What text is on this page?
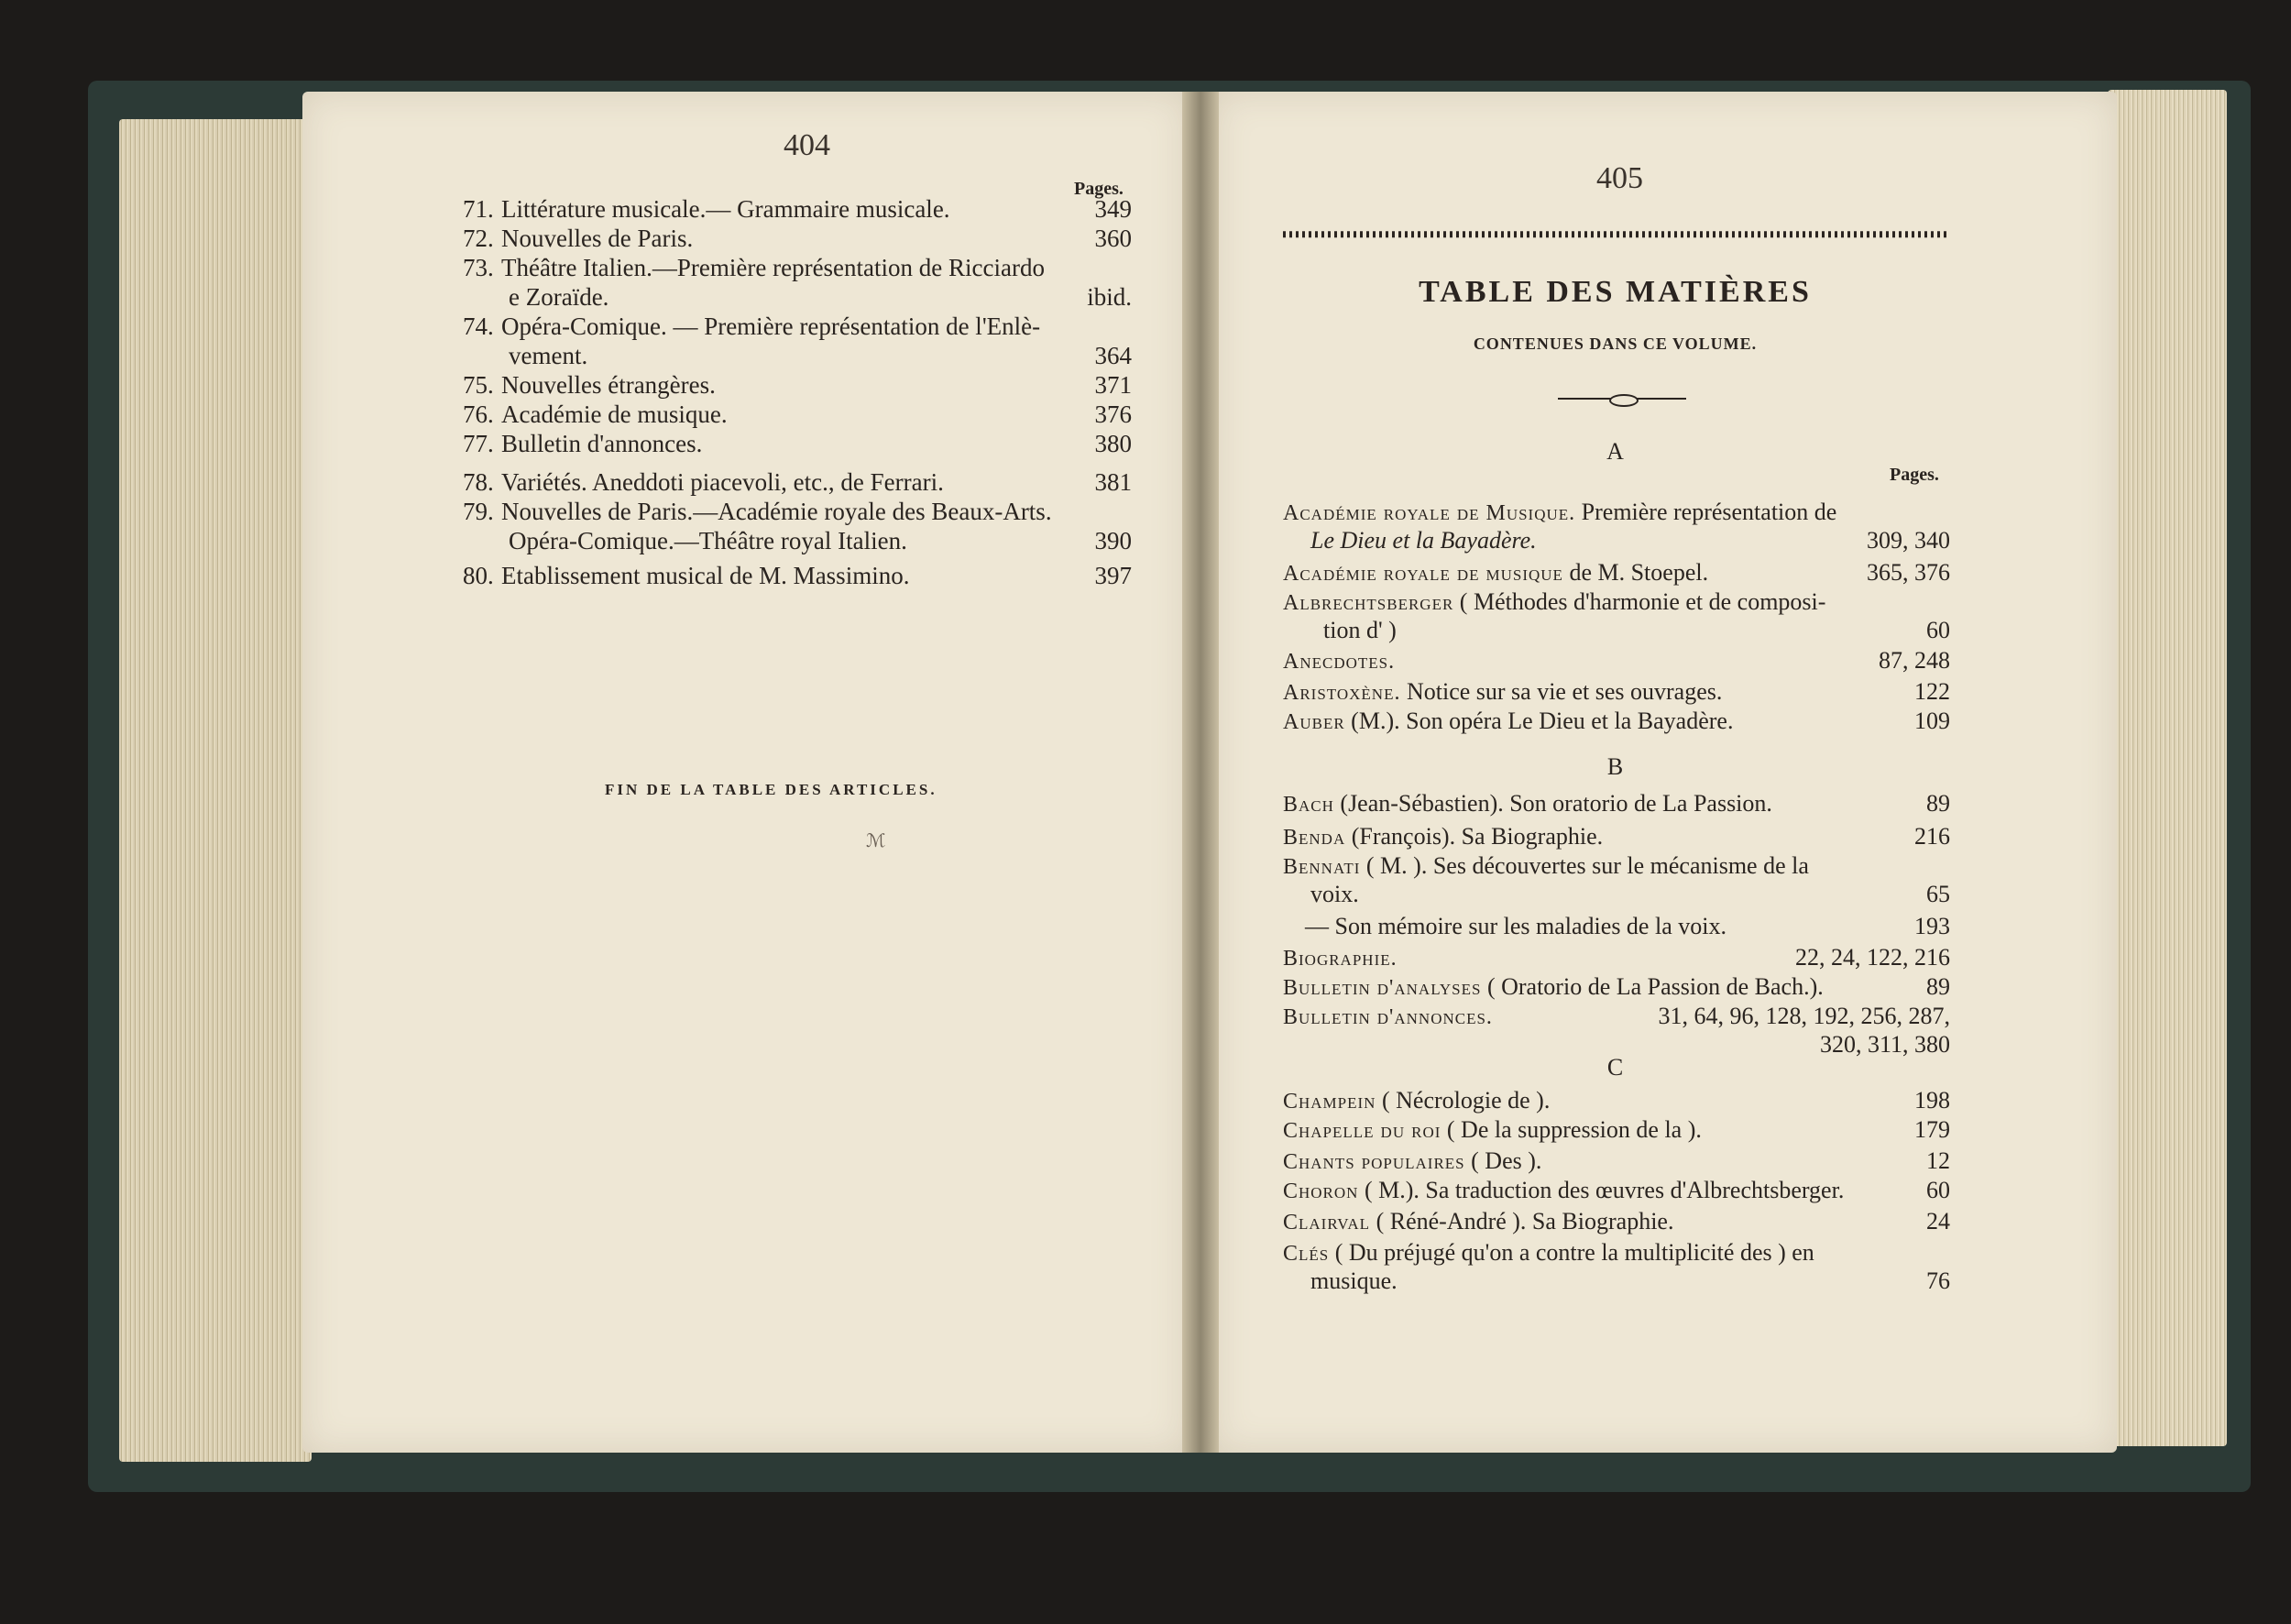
404
Pages.
71 . Littérature musicale.— Grammaire musicale.	349
72 . Nouvelles de Paris.	360
73 . Théâtre Italien.—Première représentation de Ricciardo
e Zoraïde.	ibid.
74 . Opéra-Comique. — Première représentation de l'Enlè-
vement.	364
75 . Nouvelles étrangères.	371
76 . Académie de musique.	376
77 . Bulletin d'annonces.	380
78 . Variétés. Aneddoti piacevoli, etc., de Ferrari.	381
79 . Nouvelles de Paris.—Académie royale des Beaux-Arts.
Opéra-Comique.—Théâtre royal Italien.	390
80 . Etablissement musical de M. Massimino.	397
FIN DE LA TABLE DES ARTICLES.
ℳ
405
TABLE DES MATIÈRES
CONTENUES DANS CE VOLUME.
A
Pages.
Académie royale de Musique. Première représentation de
Le Dieu et la Bayadère.	309, 340
Académie royale de musique de M. Stoepel.	365, 376
Albrechtsberger ( Méthodes d'harmonie et de composi-
tion d' )	60
Anecdotes.	87, 248
Aristoxène. Notice sur sa vie et ses ouvrages.	122
Auber (M.). Son opéra Le Dieu et la Bayadère.	109
B
Bach (Jean-Sébastien). Son oratorio de La Passion.	89
Benda (François). Sa Biographie.	216
Bennati ( M. ). Ses découvertes sur le mécanisme de la
voix.	65
— Son mémoire sur les maladies de la voix.	193
Biographie.	22, 24, 122, 216
Bulletin d'analyses ( Oratorio de La Passion de Bach.).	89
Bulletin d'annonces.	31, 64, 96, 128, 192, 256, 287,
320, 311, 380
C
Champein ( Nécrologie de ).	198
Chapelle du roi ( De la suppression de la ).	179
Chants populaires ( Des ).	12
Choron ( M.). Sa traduction des œuvres d'Albrechtsberger.	60
Clairval ( Réné-André ). Sa Biographie.	24
Clés ( Du préjugé qu'on a contre la multiplicité des ) en
musique.	76
